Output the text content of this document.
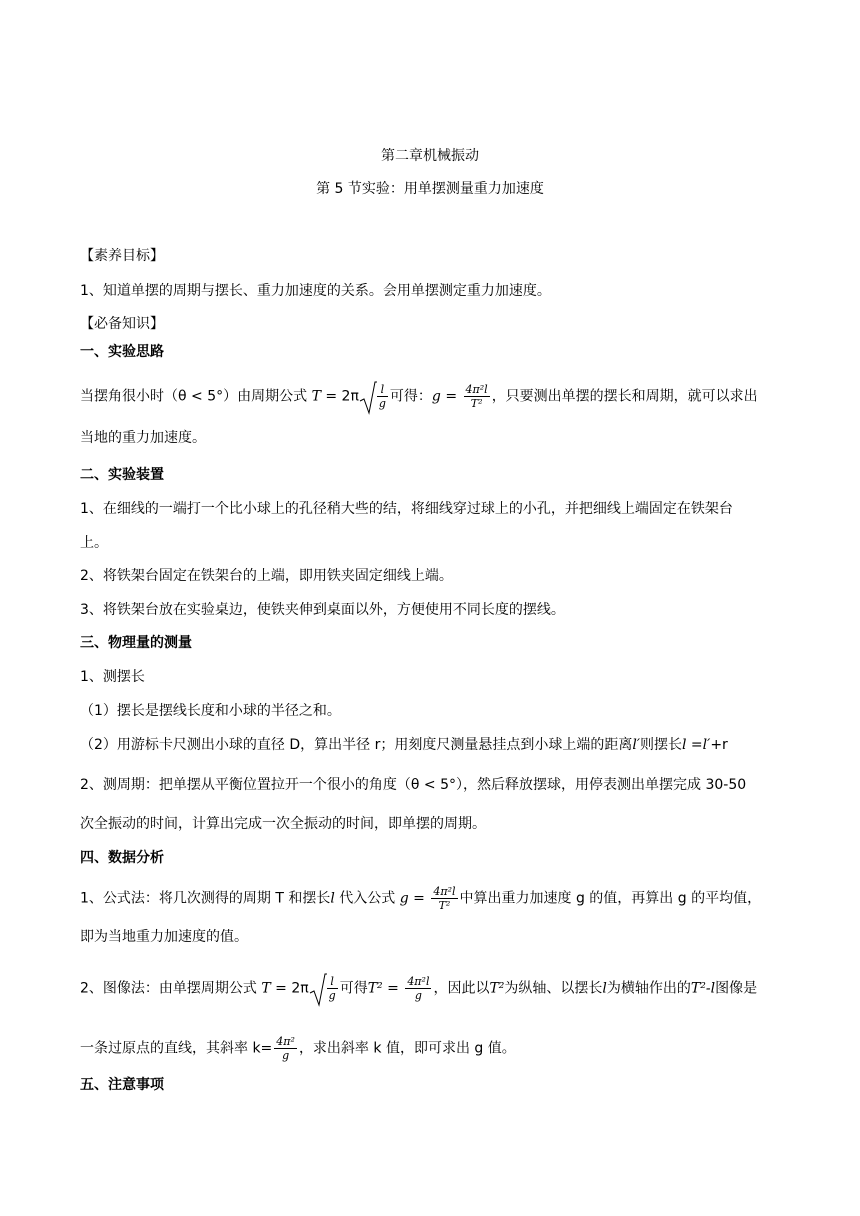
第二章机械振动
第 5 节实验：用单摆测量重力加速度
【素养目标】
1、知道单摆的周期与摆长、重力加速度的关系。会用单摆测定重力加速度。
【必备知识】
一、实验思路
当摆角很小时（θ < 5°）由周期公式 $T = 2\pi \frac{l}{g}$ 可得：$g = \frac{\text{4π²l}}{\text{T²}}$ ，只要测出单摆的摆长和周期，就可以求出
当地的重力加速度。
二、实验装置
1、在细线的一端打一个比小球上的孔径稍大些的结，将细线穿过球上的小孔，并把细线上端固定在铁架台
上。
2、将铁架台固定在铁架台的上端，即用铁夹固定细线上端。
3、将铁架台放在实验桌边，使铁夹伸到桌面以外，方便使用不同长度的摆线。
三、物理量的测量
1、测摆长
（1）摆长是摆线长度和小球的半径之和。
（2）用游标卡尺测出小球的直径 D，算出半径 r；用刻度尺测量悬挂点到小球上端的距离l′则摆长l =l′+r
2、测周期：把单摆从平衡位置拉开一个很小的角度（θ < 5°），然后释放摆球，用停表测出单摆完成 30-50
次全振动的时间，计算出完成一次全振动的时间，即单摆的周期。
四、数据分析
1、公式法：将几次测得的周期 T 和摆长l 代入公式 $g = \frac{\text{4π²l}}{\text{T²}}$ 中算出重力加速度 g 的值，再算出 g 的平均值，
即为当地重力加速度的值。
2、图像法：由单摆周期公式 $T = 2\pi \frac{l}{g}$ 可得$T^2 = \frac{\text{4π²l}}{g}$ ，因此以T²为纵轴、以摆长l为横轴作出的T²-l图像是
一条过原点的直线，其斜率 $k= \frac{\text{4π²}}{g}$ ，求出斜率 k 值，即可求出 g 值。
五、注意事项
